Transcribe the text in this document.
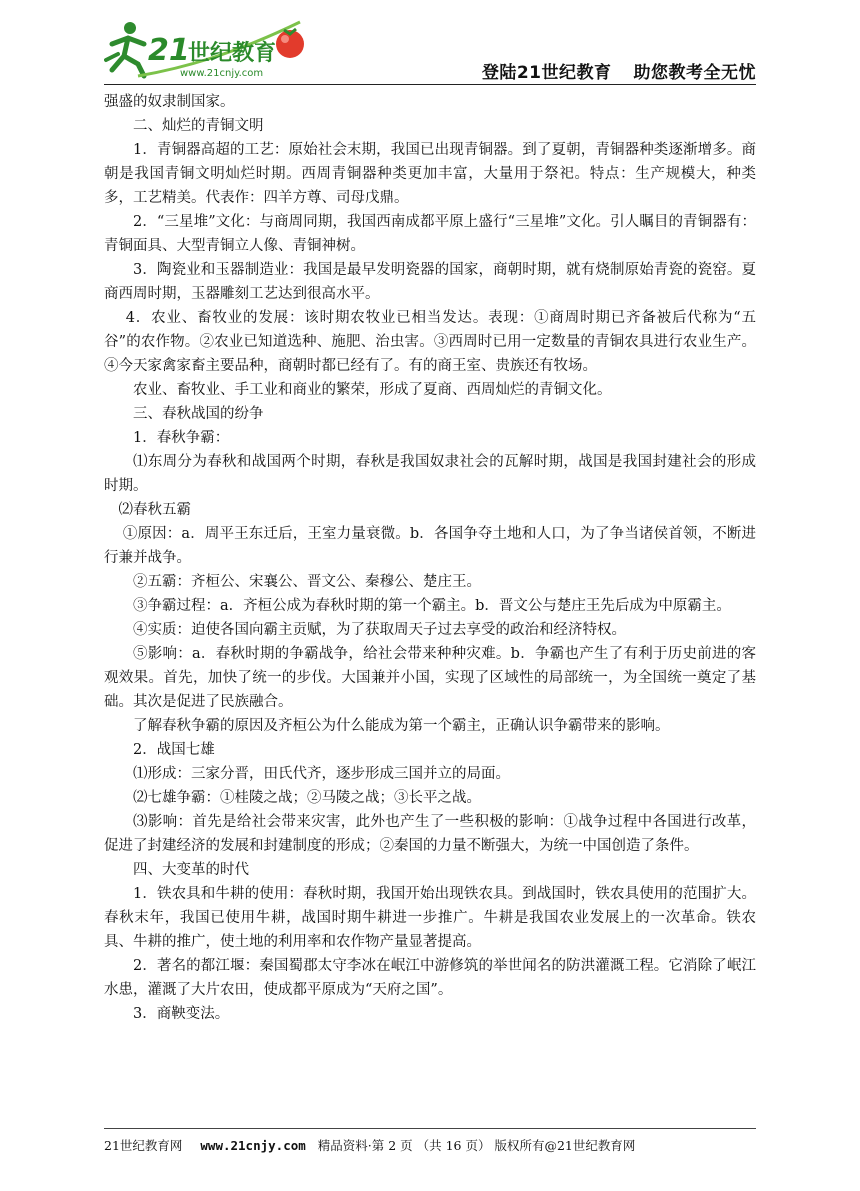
21
世纪教育
www.21cnjy.com	登陆21世纪教育 助您教考全无忧

强盛的奴隶制国家。

二、灿烂的青铜文明

1．青铜器高超的工艺：原始社会末期，我国已出现青铜器。到了夏朝，青铜器种类逐渐增多。商朝是我国青铜文明灿烂时期。西周青铜器种类更加丰富，大量用于祭祀。特点：生产规模大，种类多，工艺精美。代表作：四羊方尊、司母戊鼎。

2．“三星堆”文化：与商周同期，我国西南成都平原上盛行“三星堆”文化。引人瞩目的青铜器有：青铜面具、大型青铜立人像、青铜神树。

3．陶瓷业和玉器制造业：我国是最早发明瓷器的国家，商朝时期，就有烧制原始青瓷的瓷窑。夏商西周时期，玉器雕刻工艺达到很高水平。

4．农业、畜牧业的发展：该时期农牧业已相当发达。表现：①商周时期已齐备被后代称为“五谷”的农作物。②农业已知道选种、施肥、治虫害。③西周时已用一定数量的青铜农具进行农业生产。④今天家禽家畜主要品种，商朝时都已经有了。有的商王室、贵族还有牧场。

农业、畜牧业、手工业和商业的繁荣，形成了夏商、西周灿烂的青铜文化。

三、春秋战国的纷争

1．春秋争霸：

⑴东周分为春秋和战国两个时期，春秋是我国奴隶社会的瓦解时期，战国是我国封建社会的形成时期。

⑵春秋五霸

①原因：a．周平王东迁后，王室力量衰微。b．各国争夺土地和人口，为了争当诸侯首领，不断进行兼并战争。

②五霸：齐桓公、宋襄公、晋文公、秦穆公、楚庄王。

③争霸过程：a．齐桓公成为春秋时期的第一个霸主。b．晋文公与楚庄王先后成为中原霸主。

④实质：迫使各国向霸主贡赋，为了获取周天子过去享受的政治和经济特权。

⑤影响：a．春秋时期的争霸战争，给社会带来种种灾难。b．争霸也产生了有利于历史前进的客观效果。首先，加快了统一的步伐。大国兼并小国，实现了区域性的局部统一，为全国统一奠定了基础。其次是促进了民族融合。

了解春秋争霸的原因及齐桓公为什么能成为第一个霸主，正确认识争霸带来的影响。

2．战国七雄

⑴形成：三家分晋，田氏代齐，逐步形成三国并立的局面。

⑵七雄争霸：①桂陵之战；②马陵之战；③长平之战。

⑶影响：首先是给社会带来灾害，此外也产生了一些积极的影响：①战争过程中各国进行改革，促进了封建经济的发展和封建制度的形成；②秦国的力量不断强大，为统一中国创造了条件。

四、大变革的时代

1．铁农具和牛耕的使用：春秋时期，我国开始出现铁农具。到战国时，铁农具使用的范围扩大。春秋末年，我国已使用牛耕，战国时期牛耕进一步推广。牛耕是我国农业发展上的一次革命。铁农具、牛耕的推广，使土地的利用率和农作物产量显著提高。

2．著名的都江堰：秦国蜀郡太守李冰在岷江中游修筑的举世闻名的防洪灌溉工程。它消除了岷江水患，灌溉了大片农田，使成都平原成为“天府之国”。

3．商鞅变法。

21世纪教育网 www.21cnjy.com 精品资料·第 2 页 （共 16 页） 版权所有@21世纪教育网
